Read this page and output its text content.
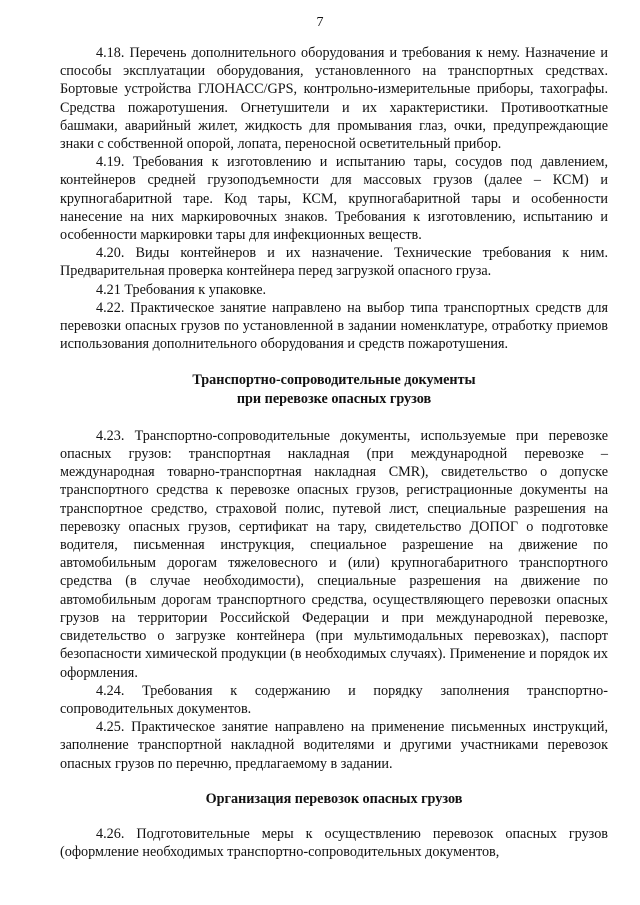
7

4.18. Перечень дополнительного оборудования и требования к нему. Назначение и способы эксплуатации оборудования, установленного на транспортных средствах. Бортовые устройства ГЛОНАСС/GPS, контрольно-измерительные приборы, тахографы. Средства пожаротушения. Огнетушители и их характеристики. Противооткатные башмаки, аварийный жилет, жидкость для промывания глаз, очки, предупреждающие знаки с собственной опорой, лопата, переносной осветительный прибор.

4.19. Требования к изготовлению и испытанию тары, сосудов под давлением, контейнеров средней грузоподъемности для массовых грузов (далее – КСМ) и крупногабаритной таре. Код тары, КСМ, крупногабаритной тары и особенности нанесение на них маркировочных знаков. Требования к изготовлению, испытанию и особенности маркировки тары для инфекционных веществ.

4.20. Виды контейнеров и их назначение. Технические требования к ним. Предварительная проверка контейнера перед загрузкой опасного груза.

4.21 Требования к упаковке.

4.22. Практическое занятие направлено на выбор типа транспортных средств для перевозки опасных грузов по установленной в задании номенклатуре, отработку приемов использования дополнительного оборудования и средств пожаротушения.

Транспортно-сопроводительные документы

при перевозке опасных грузов

4.23. Транспортно-сопроводительные документы, используемые при перевозке опасных грузов: транспортная накладная (при международной перевозке – международная товарно-транспортная накладная CMR), свидетельство о допуске транспортного средства к перевозке опасных грузов, регистрационные документы на транспортное средство, страховой полис, путевой лист, специальные разрешения на перевозку опасных грузов, сертификат на тару, свидетельство ДОПОГ о подготовке водителя, письменная инструкция, специальное разрешение на движение по автомобильным дорогам тяжеловесного и (или) крупногабаритного транспортного средства (в случае необходимости), специальные разрешения на движение по автомобильным дорогам транспортного средства, осуществляющего перевозки опасных грузов на территории Российской Федерации и при международной перевозке, свидетельство о загрузке контейнера (при мультимодальных перевозках), паспорт безопасности химической продукции (в необходимых случаях). Применение и порядок их оформления.

4.24. Требования к содержанию и порядку заполнения транспортно-сопроводительных документов.

4.25. Практическое занятие направлено на применение письменных инструкций, заполнение транспортной накладной водителями и другими участниками перевозок опасных грузов по перечню, предлагаемому в задании.

Организация перевозок опасных грузов

4.26. Подготовительные меры к осуществлению перевозок опасных грузов (оформление необходимых транспортно-сопроводительных документов,
